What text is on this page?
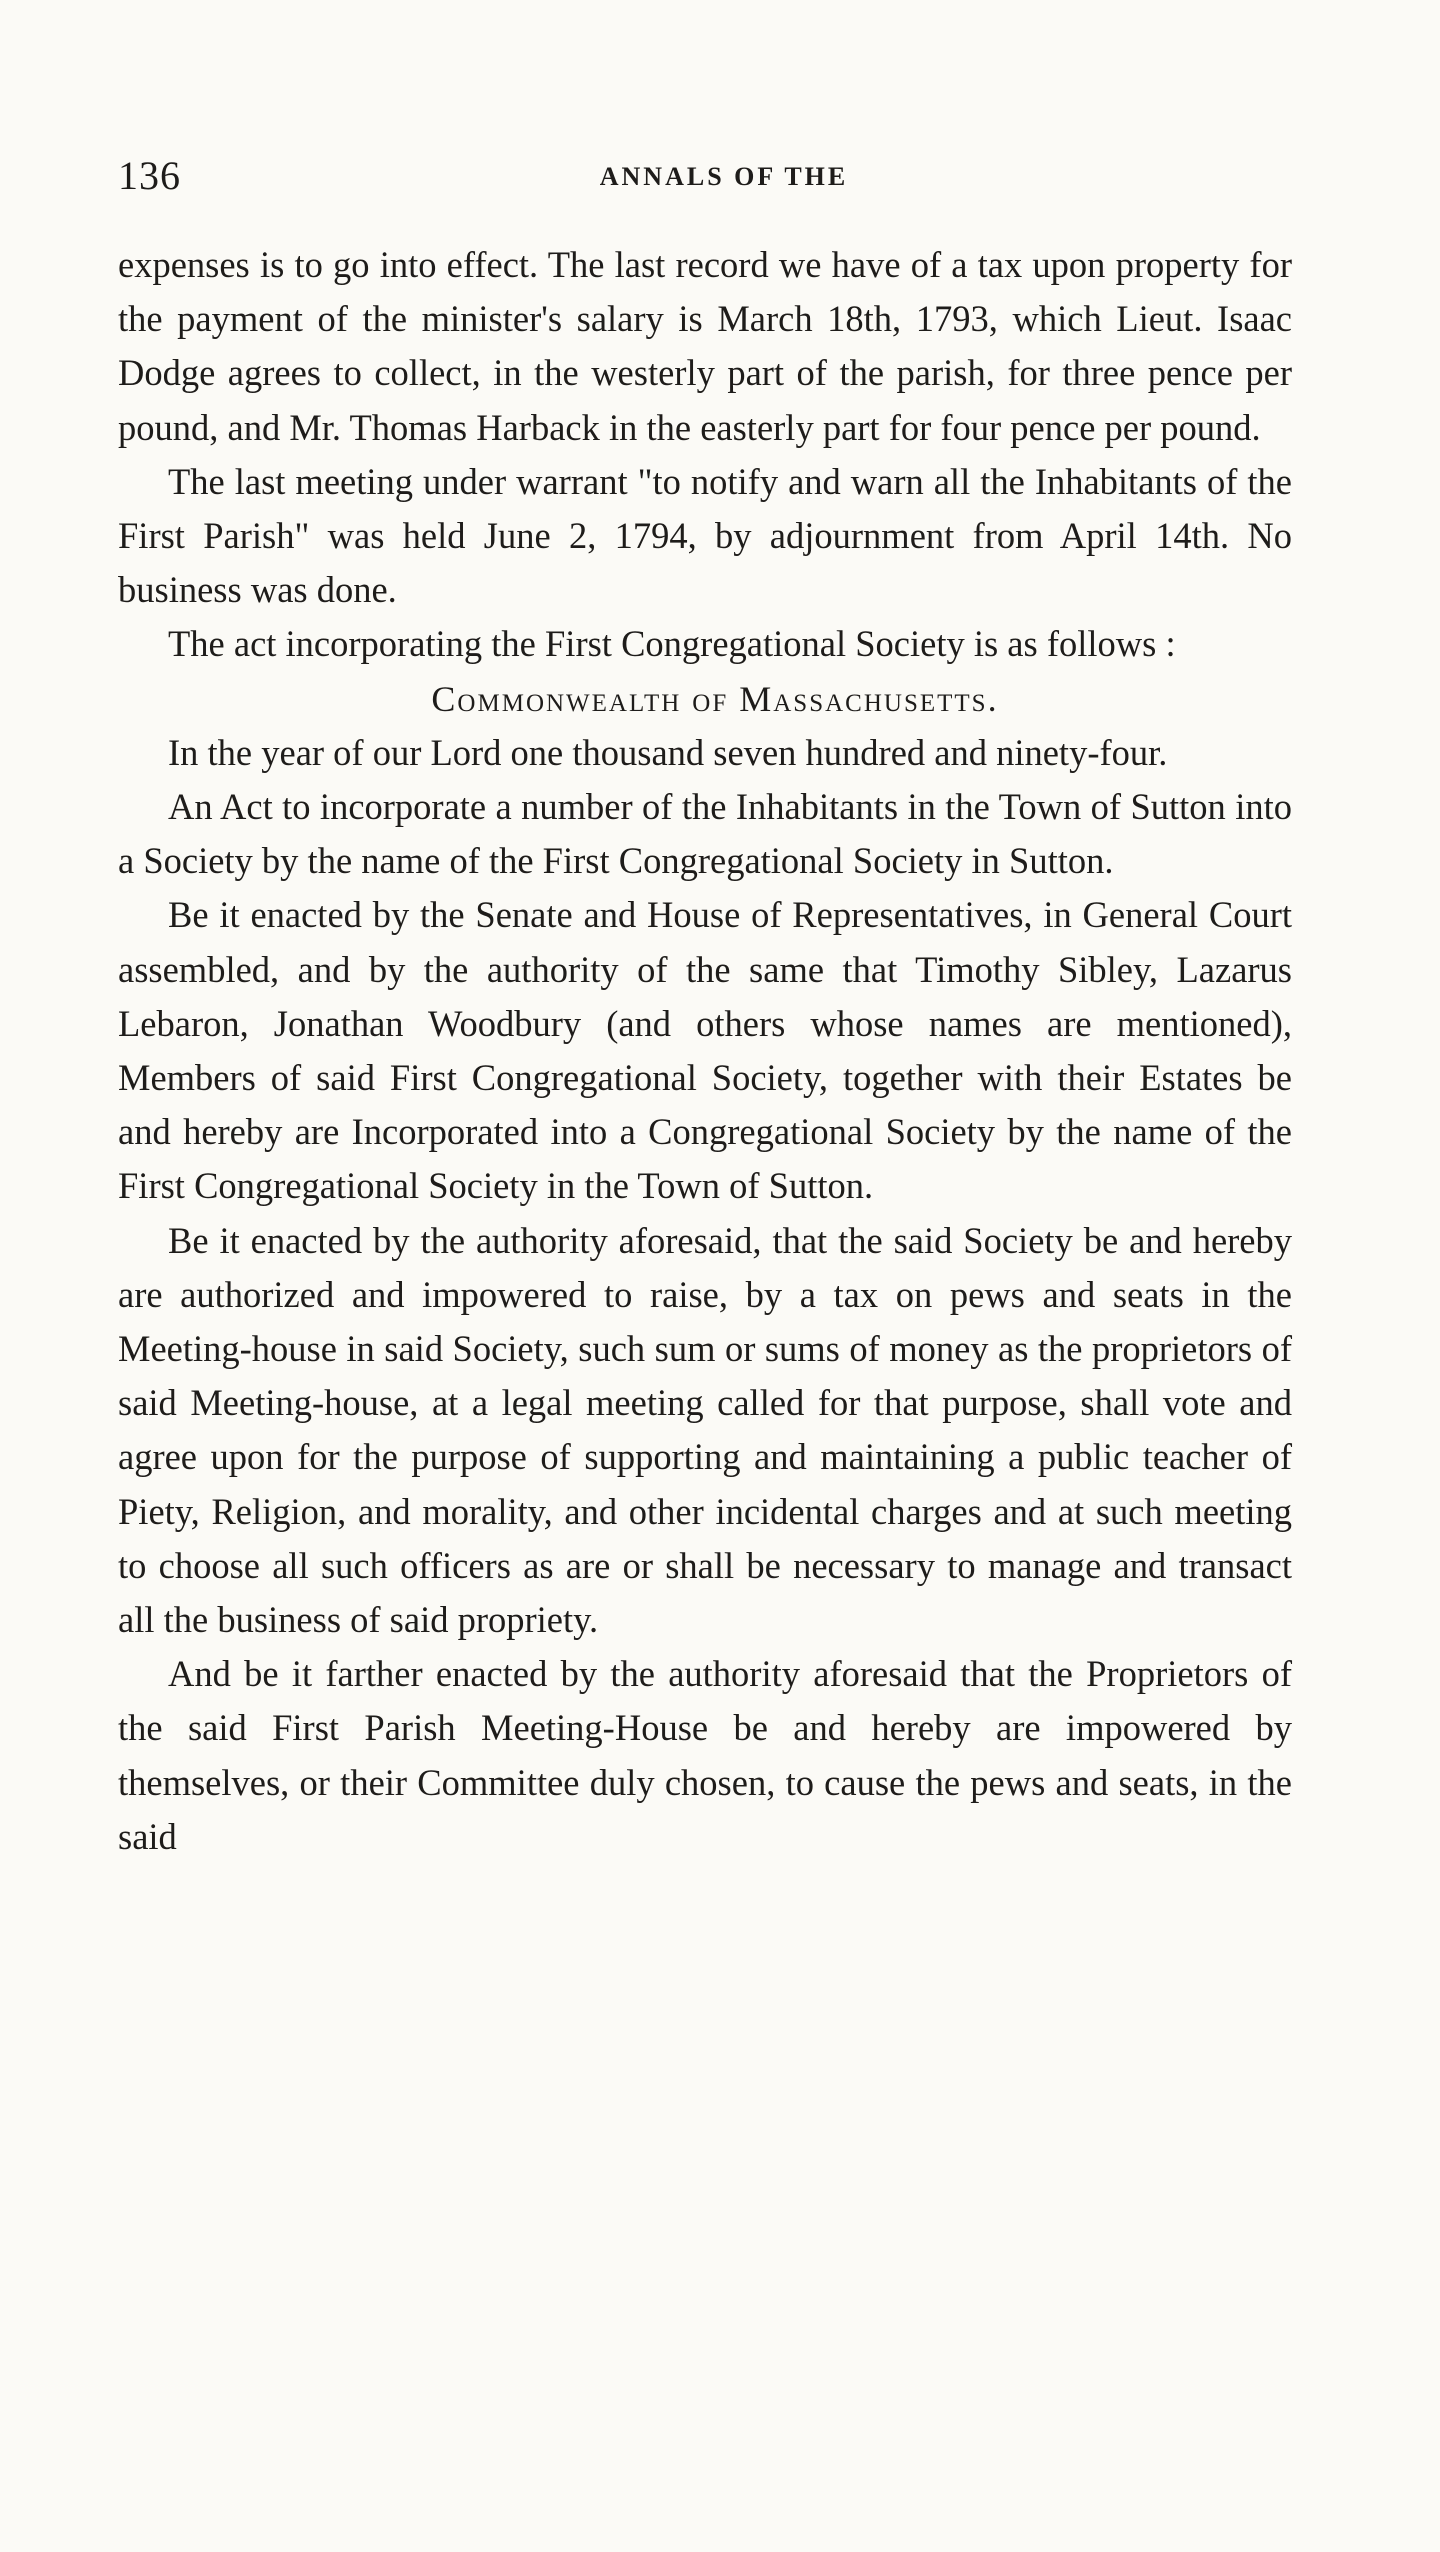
136	ANNALS OF THE

expenses is to go into effect. The last record we have of a tax upon property for the payment of the minister's salary is March 18th, 1793, which Lieut. Isaac Dodge agrees to collect, in the westerly part of the parish, for three pence per pound, and Mr. Thomas Harback in the easterly part for four pence per pound.

The last meeting under warrant "to notify and warn all the Inhabitants of the First Parish" was held June 2, 1794, by adjournment from April 14th. No business was done.

The act incorporating the First Congregational Society is as follows :

Commonwealth of Massachusetts.

In the year of our Lord one thousand seven hundred and ninety-four.

An Act to incorporate a number of the Inhabitants in the Town of Sutton into a Society by the name of the First Congregational Society in Sutton.

Be it enacted by the Senate and House of Representatives, in General Court assembled, and by the authority of the same that Timothy Sibley, Lazarus Lebaron, Jonathan Woodbury (and others whose names are mentioned), Members of said First Congregational Society, together with their Estates be and hereby are Incorporated into a Congregational Society by the name of the First Congregational Society in the Town of Sutton.

Be it enacted by the authority aforesaid, that the said Society be and hereby are authorized and impowered to raise, by a tax on pews and seats in the Meeting-house in said Society, such sum or sums of money as the proprietors of said Meeting-house, at a legal meeting called for that purpose, shall vote and agree upon for the purpose of supporting and maintaining a public teacher of Piety, Religion, and morality, and other incidental charges and at such meeting to choose all such officers as are or shall be necessary to manage and transact all the business of said propriety.

And be it farther enacted by the authority aforesaid that the Proprietors of the said First Parish Meeting-House be and hereby are impowered by themselves, or their Committee duly chosen, to cause the pews and seats, in the said
